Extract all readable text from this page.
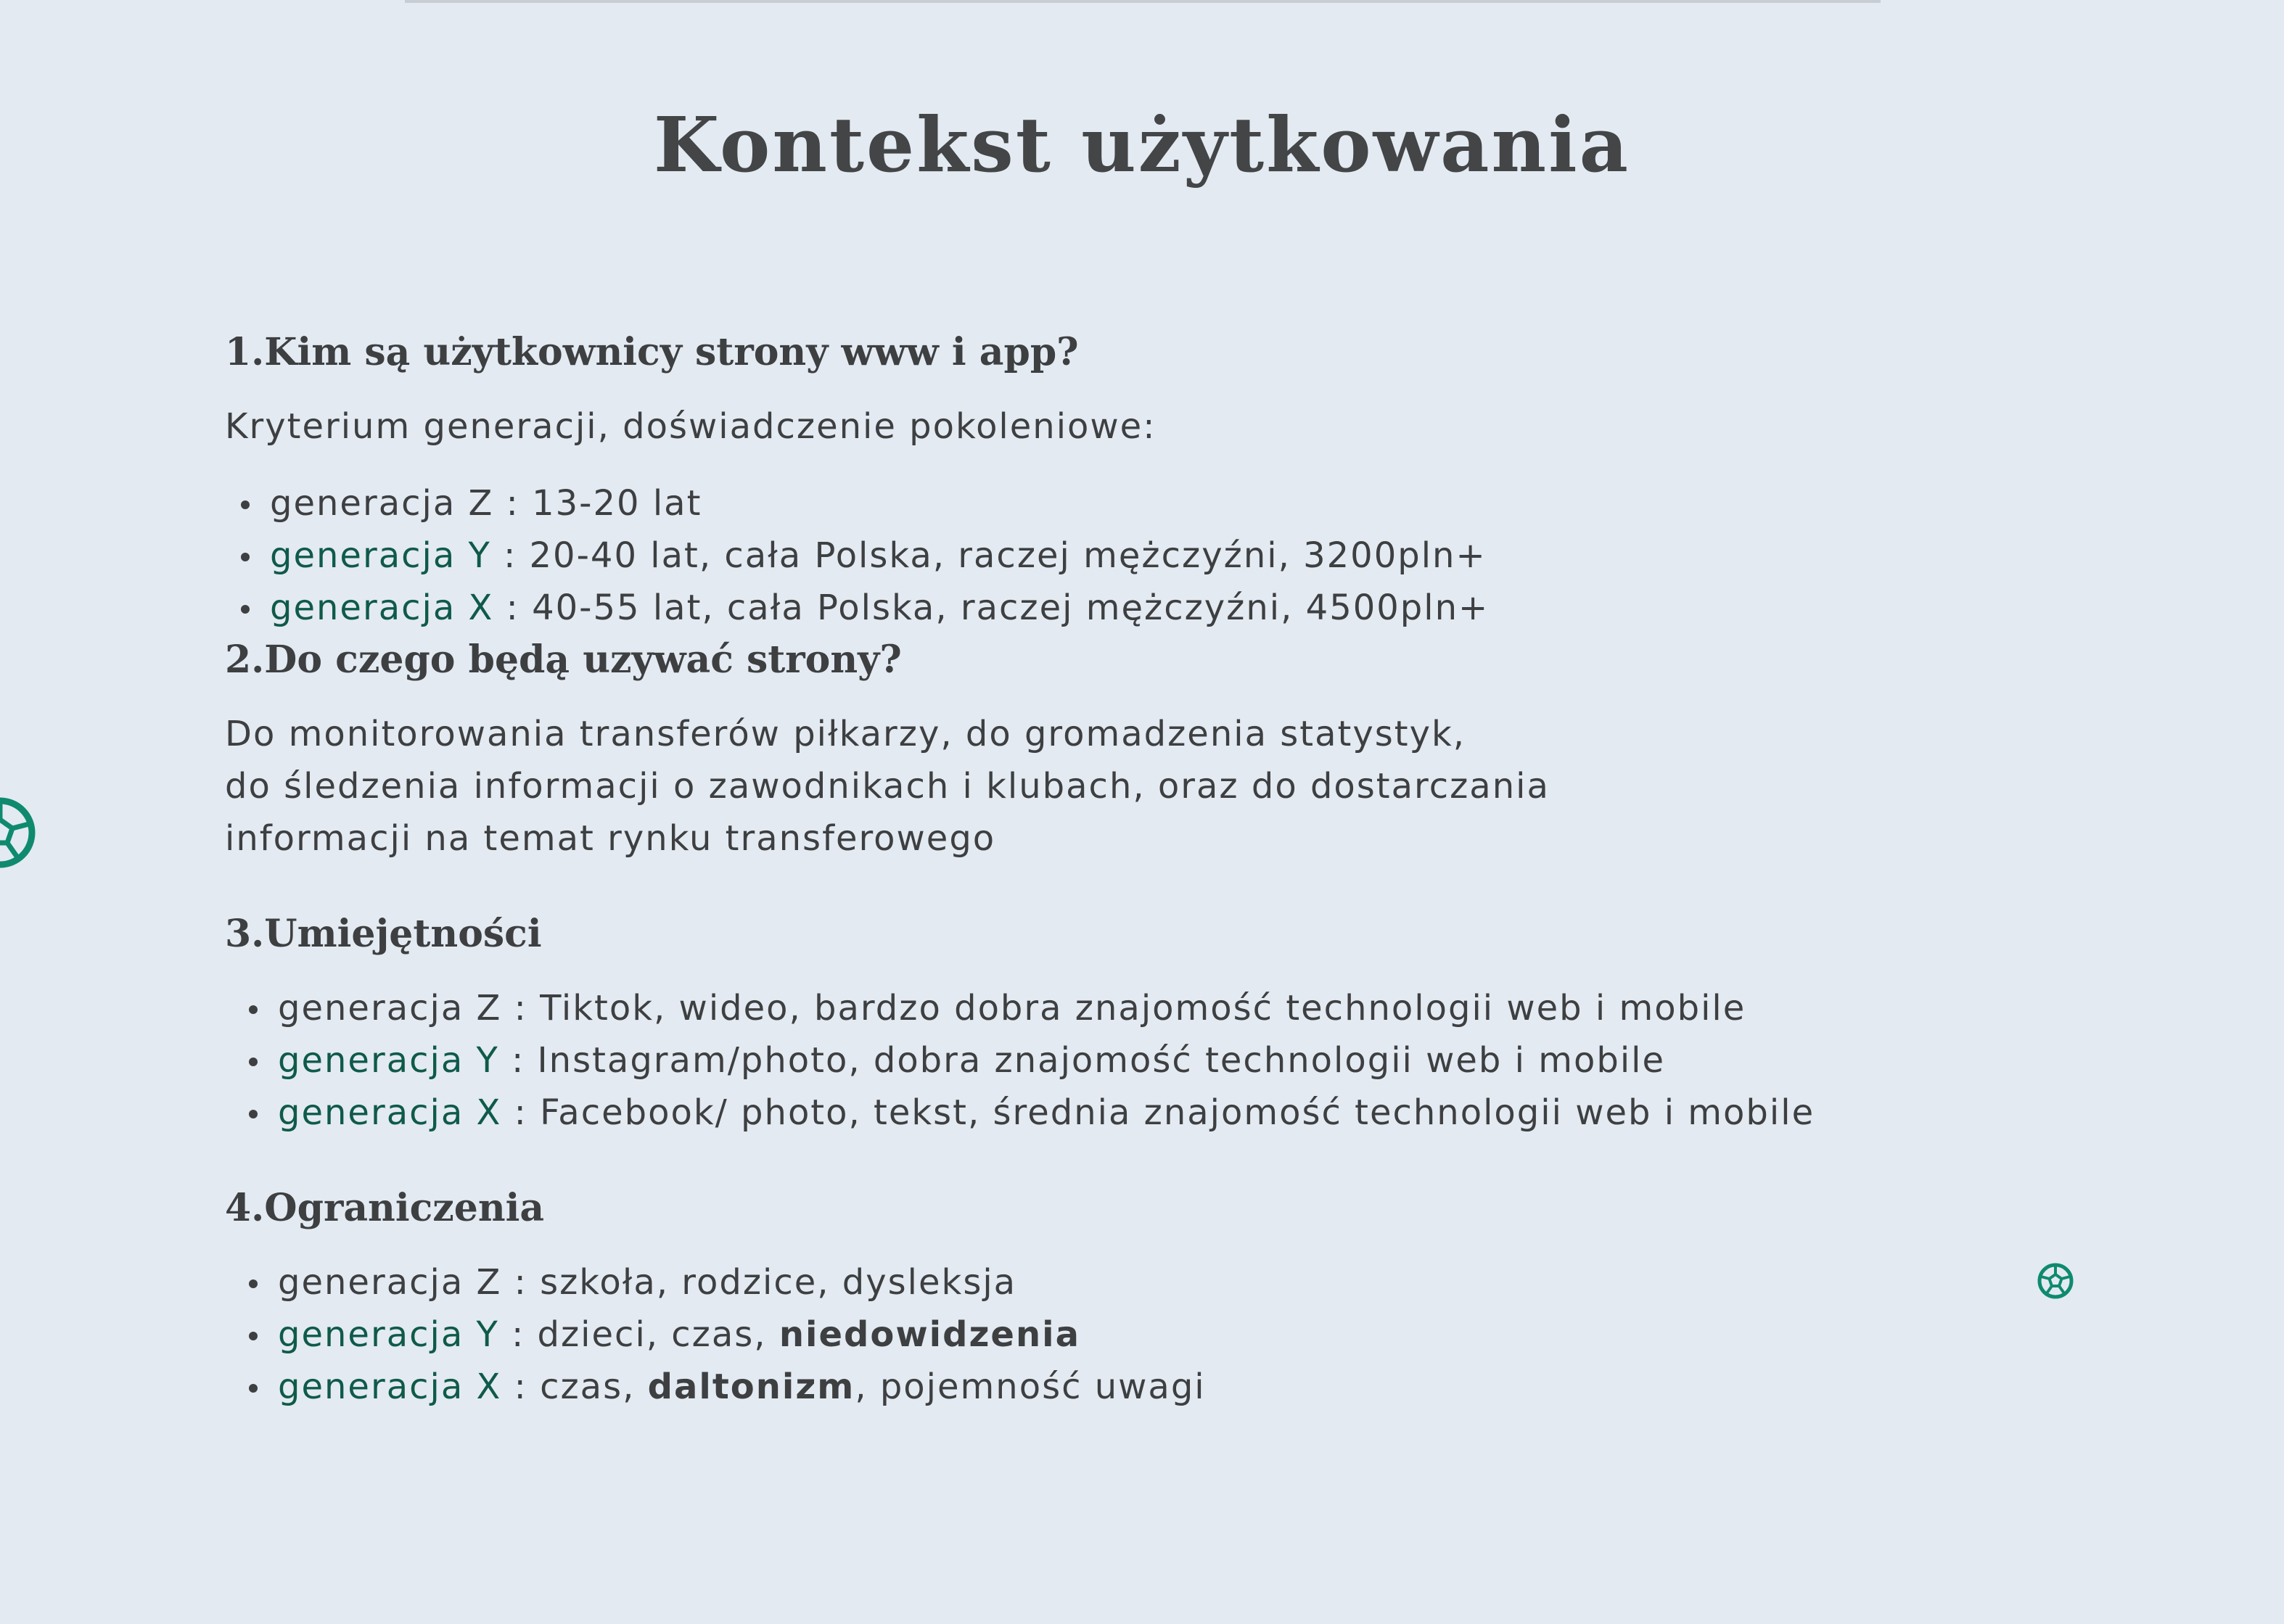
Kontekst użytkowania
1.Kim są użytkownicy strony www i app?

Kryterium generacji, doświadczenie pokoleniowe:

generacja Z : 13-20 lat
generacja Y : 20-40 lat, cała Polska, raczej mężczyźni, 3200pln+
generacja X : 40-55 lat, cała Polska, raczej mężczyźni, 4500pln+
2.Do czego będą uzywać strony?

Do monitorowania transferów piłkarzy, do gromadzenia statystyk,

do śledzenia informacji o zawodnikach i klubach, oraz do dostarczania

informacji na temat rynku transferowego

3.Umiejętności
generacja Z : Tiktok, wideo, bardzo dobra znajomość technologii web i mobile
generacja Y : Instagram/photo, dobra znajomość technologii web i mobile
generacja X : Facebook/ photo, tekst, średnia znajomość technologii web i mobile
4.Ograniczenia
generacja Z : szkoła, rodzice, dysleksja
generacja Y : dzieci, czas, niedowidzenia
generacja X : czas, daltonizm, pojemność uwagi
